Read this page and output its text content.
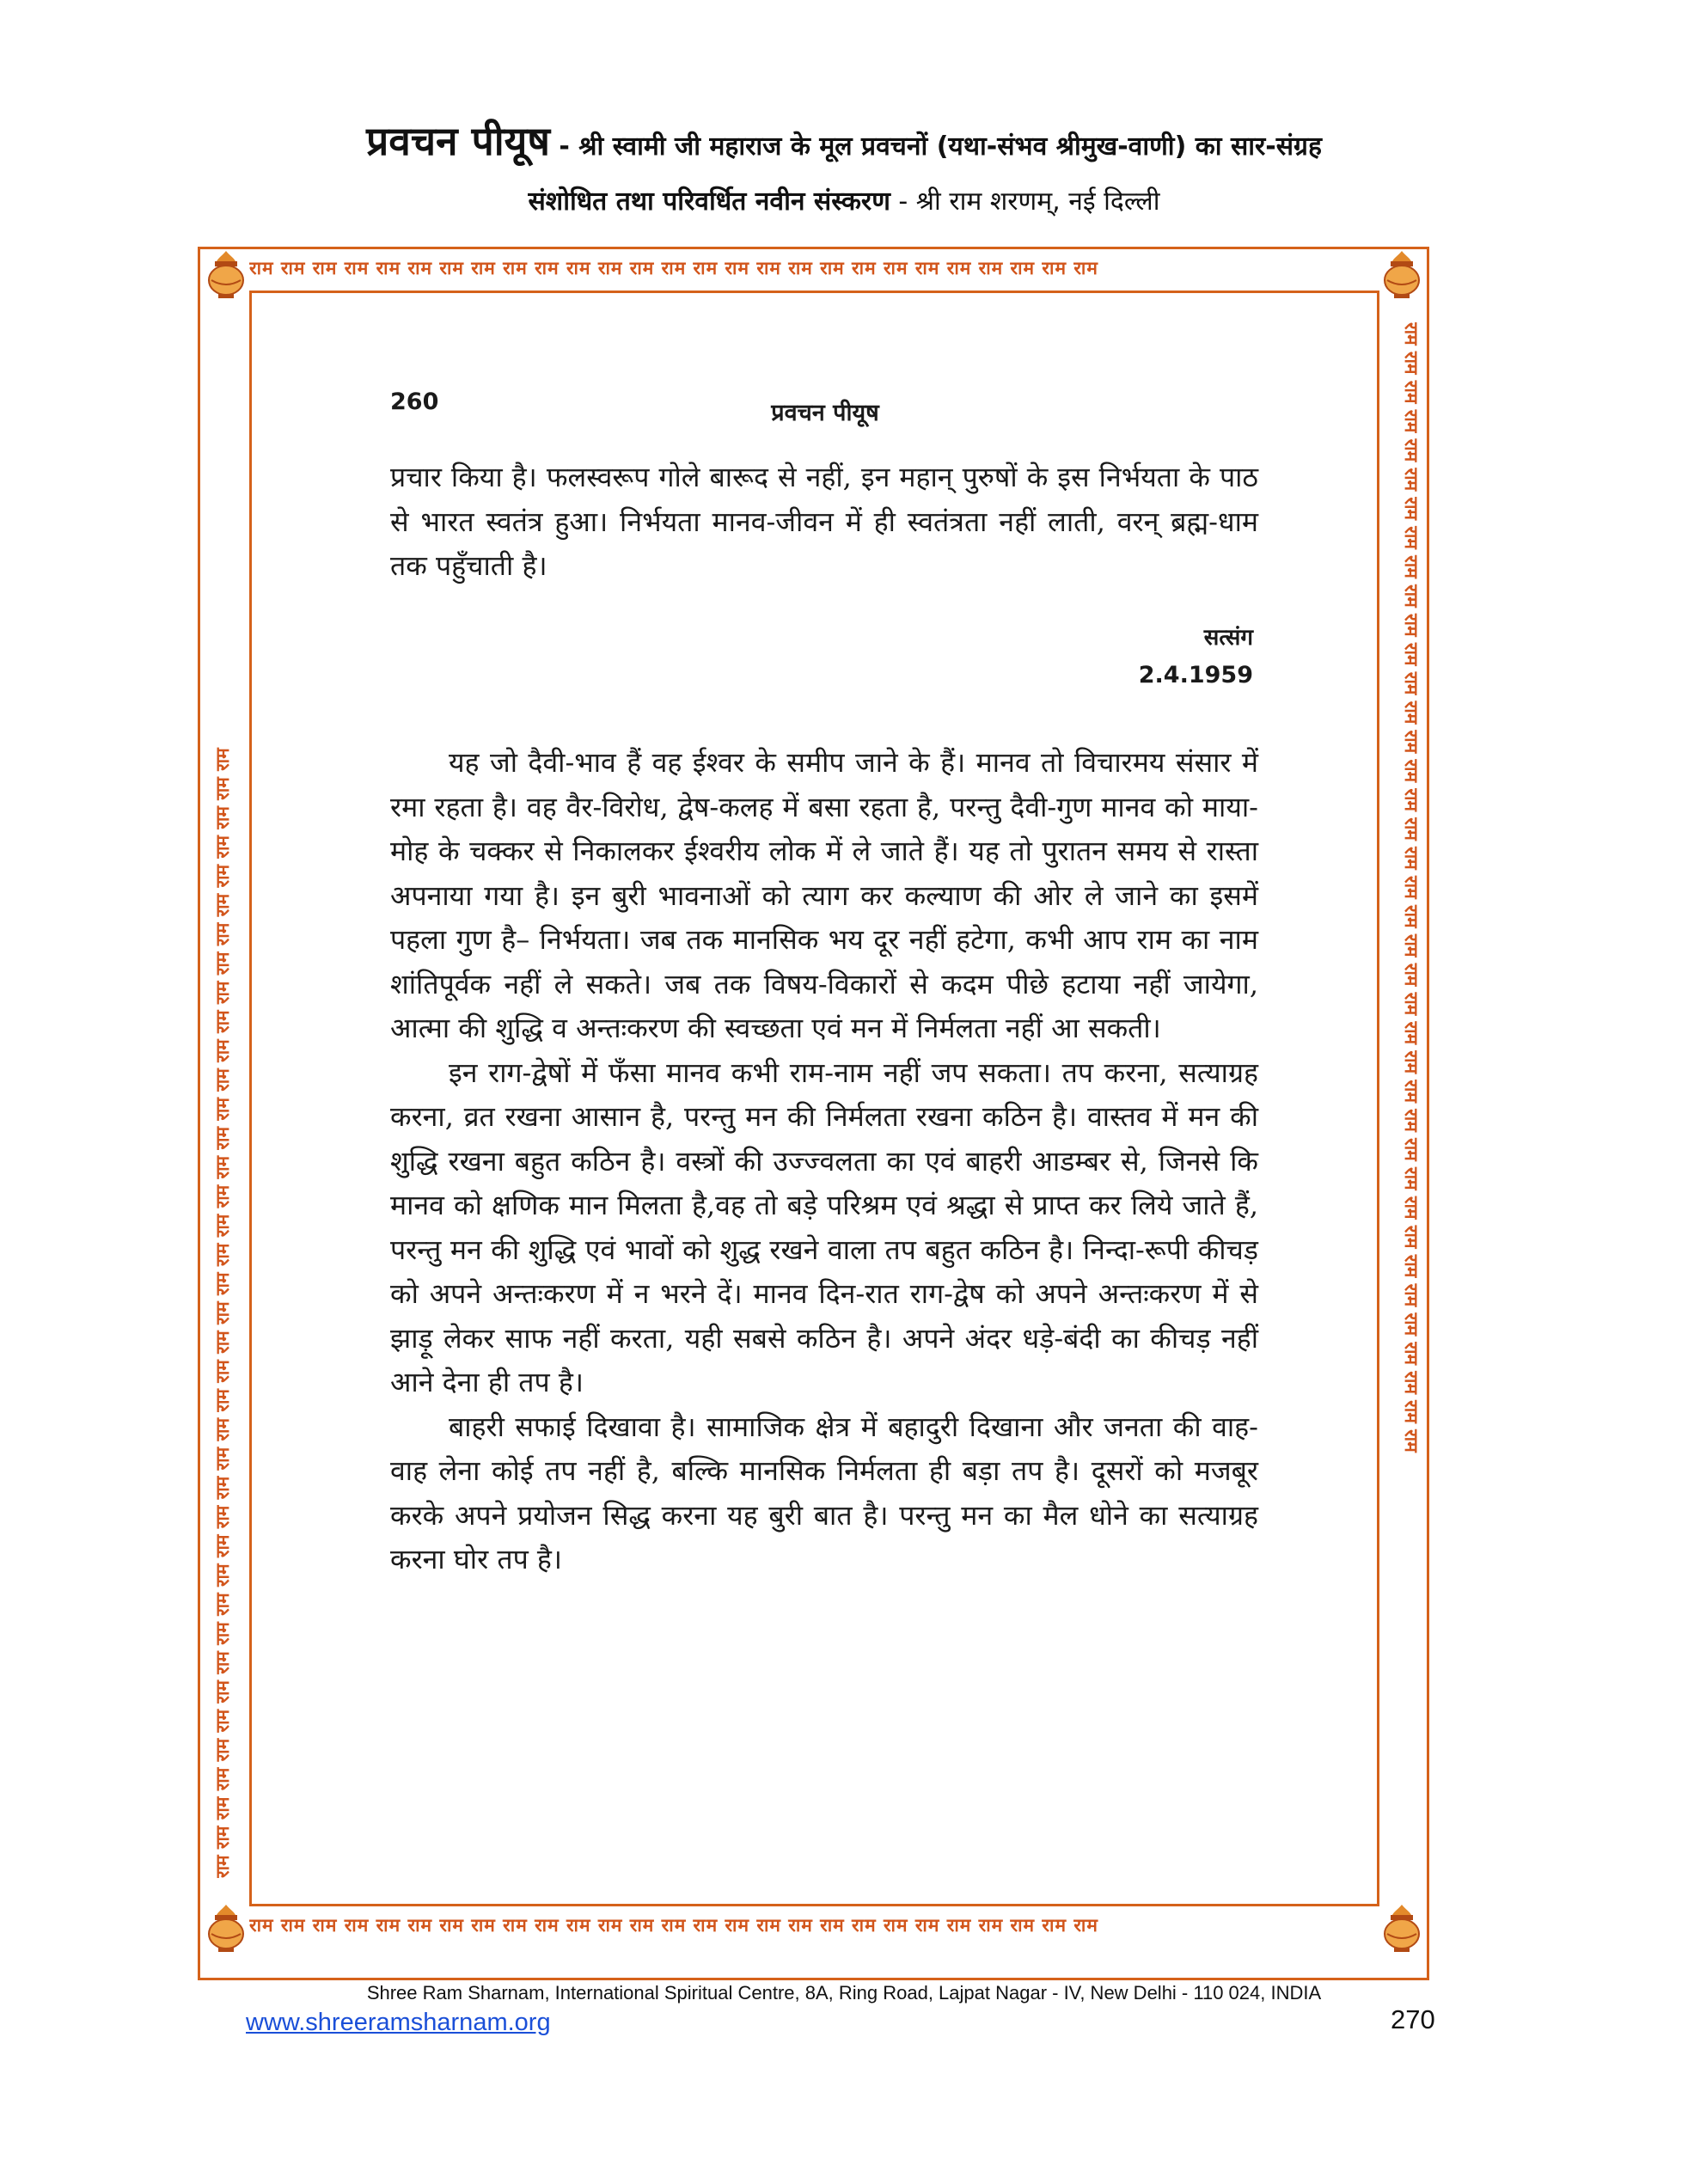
प्रवचन पीयूष - श्री स्वामी जी महाराज के मूल प्रवचनों (यथा-संभव श्रीमुख-वाणी) का सार-संग्रह
संशोधित तथा परिवर्धित नवीन संस्करण - श्री राम शरणम्, नई दिल्ली
राम राम राम राम राम राम राम राम राम राम राम राम राम राम राम राम राम राम राम राम राम राम राम राम राम राम राम
राम राम राम राम राम राम राम राम राम राम राम राम राम राम राम राम राम राम राम राम राम राम राम राम राम राम राम
राम राम राम राम राम राम राम राम राम राम राम राम राम राम राम राम राम राम राम राम राम राम राम राम राम राम राम राम राम राम राम राम राम राम राम राम राम राम राम	राम राम राम राम राम राम राम राम राम राम राम राम राम राम राम राम राम राम राम राम राम राम राम राम राम राम राम राम राम राम राम राम राम राम राम राम राम राम राम
260	प्रवचन पीयूष

प्रचार किया है। फलस्वरूप गोले बारूद से नहीं, इन महान् पुरुषों के इस निर्भयता के पाठ से भारत स्वतंत्र हुआ। निर्भयता मानव-जीवन में ही स्वतंत्रता नहीं लाती, वरन् ब्रह्म-धाम तक पहुँचाती है।

सत्संग
2.4.1959

यह जो दैवी-भाव हैं वह ईश्वर के समीप जाने के हैं। मानव तो विचारमय संसार में रमा रहता है। वह वैर-विरोध, द्वेष-कलह में बसा रहता है, परन्तु दैवी-गुण मानव को माया-मोह के चक्कर से निकालकर ईश्वरीय लोक में ले जाते हैं। यह तो पुरातन समय से रास्ता अपनाया गया है। इन बुरी भावनाओं को त्याग कर कल्याण की ओर ले जाने का इसमें पहला गुण है– निर्भयता। जब तक मानसिक भय दूर नहीं हटेगा, कभी आप राम का नाम शांतिपूर्वक नहीं ले सकते। जब तक विषय-विकारों से कदम पीछे हटाया नहीं जायेगा, आत्मा की शुद्धि व अन्तःकरण की स्वच्छता एवं मन में निर्मलता नहीं आ सकती।

इन राग-द्वेषों में फँसा मानव कभी राम-नाम नहीं जप सकता। तप करना, सत्याग्रह करना, व्रत रखना आसान है, परन्तु मन की निर्मलता रखना कठिन है। वास्तव में मन की शुद्धि रखना बहुत कठिन है। वस्त्रों की उज्ज्वलता का एवं बाहरी आडम्बर से, जिनसे कि मानव को क्षणिक मान मिलता है,वह तो बड़े परिश्रम एवं श्रद्धा से प्राप्त कर लिये जाते हैं, परन्तु मन की शुद्धि एवं भावों को शुद्ध रखने वाला तप बहुत कठिन है। निन्दा-रूपी कीचड़ को अपने अन्तःकरण में न भरने दें। मानव दिन-रात राग-द्वेष को अपने अन्तःकरण में से झाड़ू लेकर साफ नहीं करता, यही सबसे कठिन है। अपने अंदर धड़े-बंदी का कीचड़ नहीं आने देना ही तप है।

बाहरी सफाई दिखावा है। सामाजिक क्षेत्र में बहादुरी दिखाना और जनता की वाह-वाह लेना कोई तप नहीं है, बल्कि मानसिक निर्मलता ही बड़ा तप है। दूसरों को मजबूर करके अपने प्रयोजन सिद्ध करना यह बुरी बात है। परन्तु मन का मैल धोने का सत्याग्रह करना घोर तप है।

Shree Ram Sharnam, International Spiritual Centre, 8A, Ring Road, Lajpat Nagar - IV, New Delhi - 110 024, INDIA
www.shreeramsharnam.org	270
